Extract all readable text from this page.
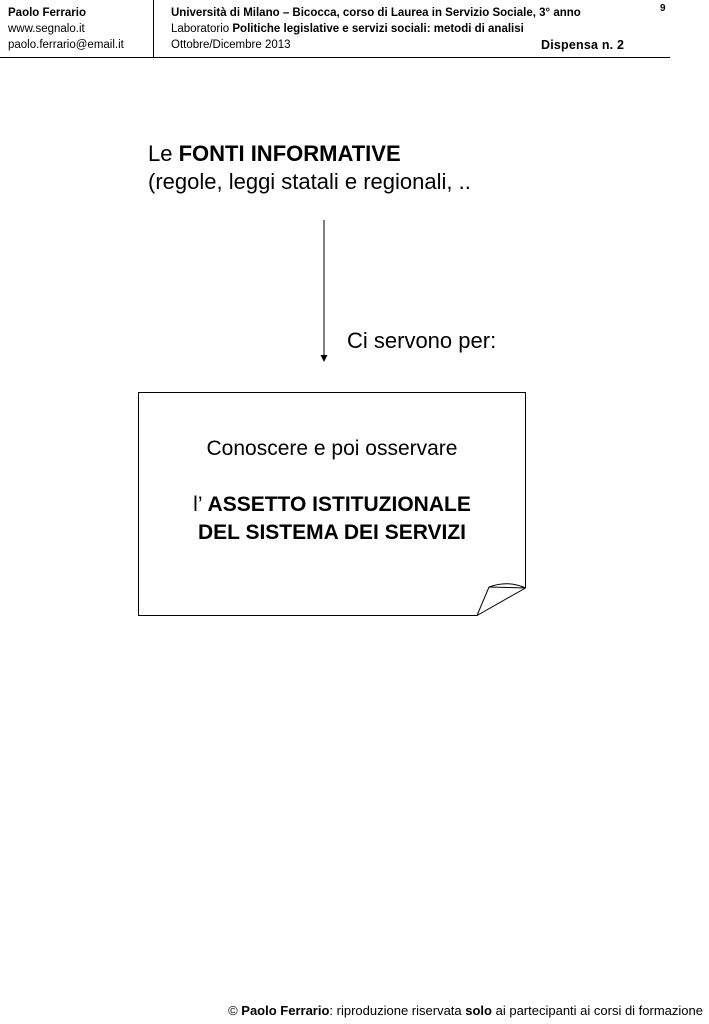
Paolo Ferrario
www.segnalo.it
paolo.ferrario@email.it
Università di Milano – Bicocca, corso di Laurea in Servizio Sociale, 3° anno
Laboratorio Politiche legislative e servizi sociali: metodi di analisi
Ottobre/Dicembre 2013	Dispensa n. 2
9
Le FONTI INFORMATIVE
(regole, leggi statali e regionali, ..
Ci servono per:
Conoscere e poi osservare
l’ ASSETTO ISTITUZIONALE
DEL SISTEMA DEI SERVIZI
© Paolo Ferrario: riproduzione riservata solo ai partecipanti ai corsi di formazione
